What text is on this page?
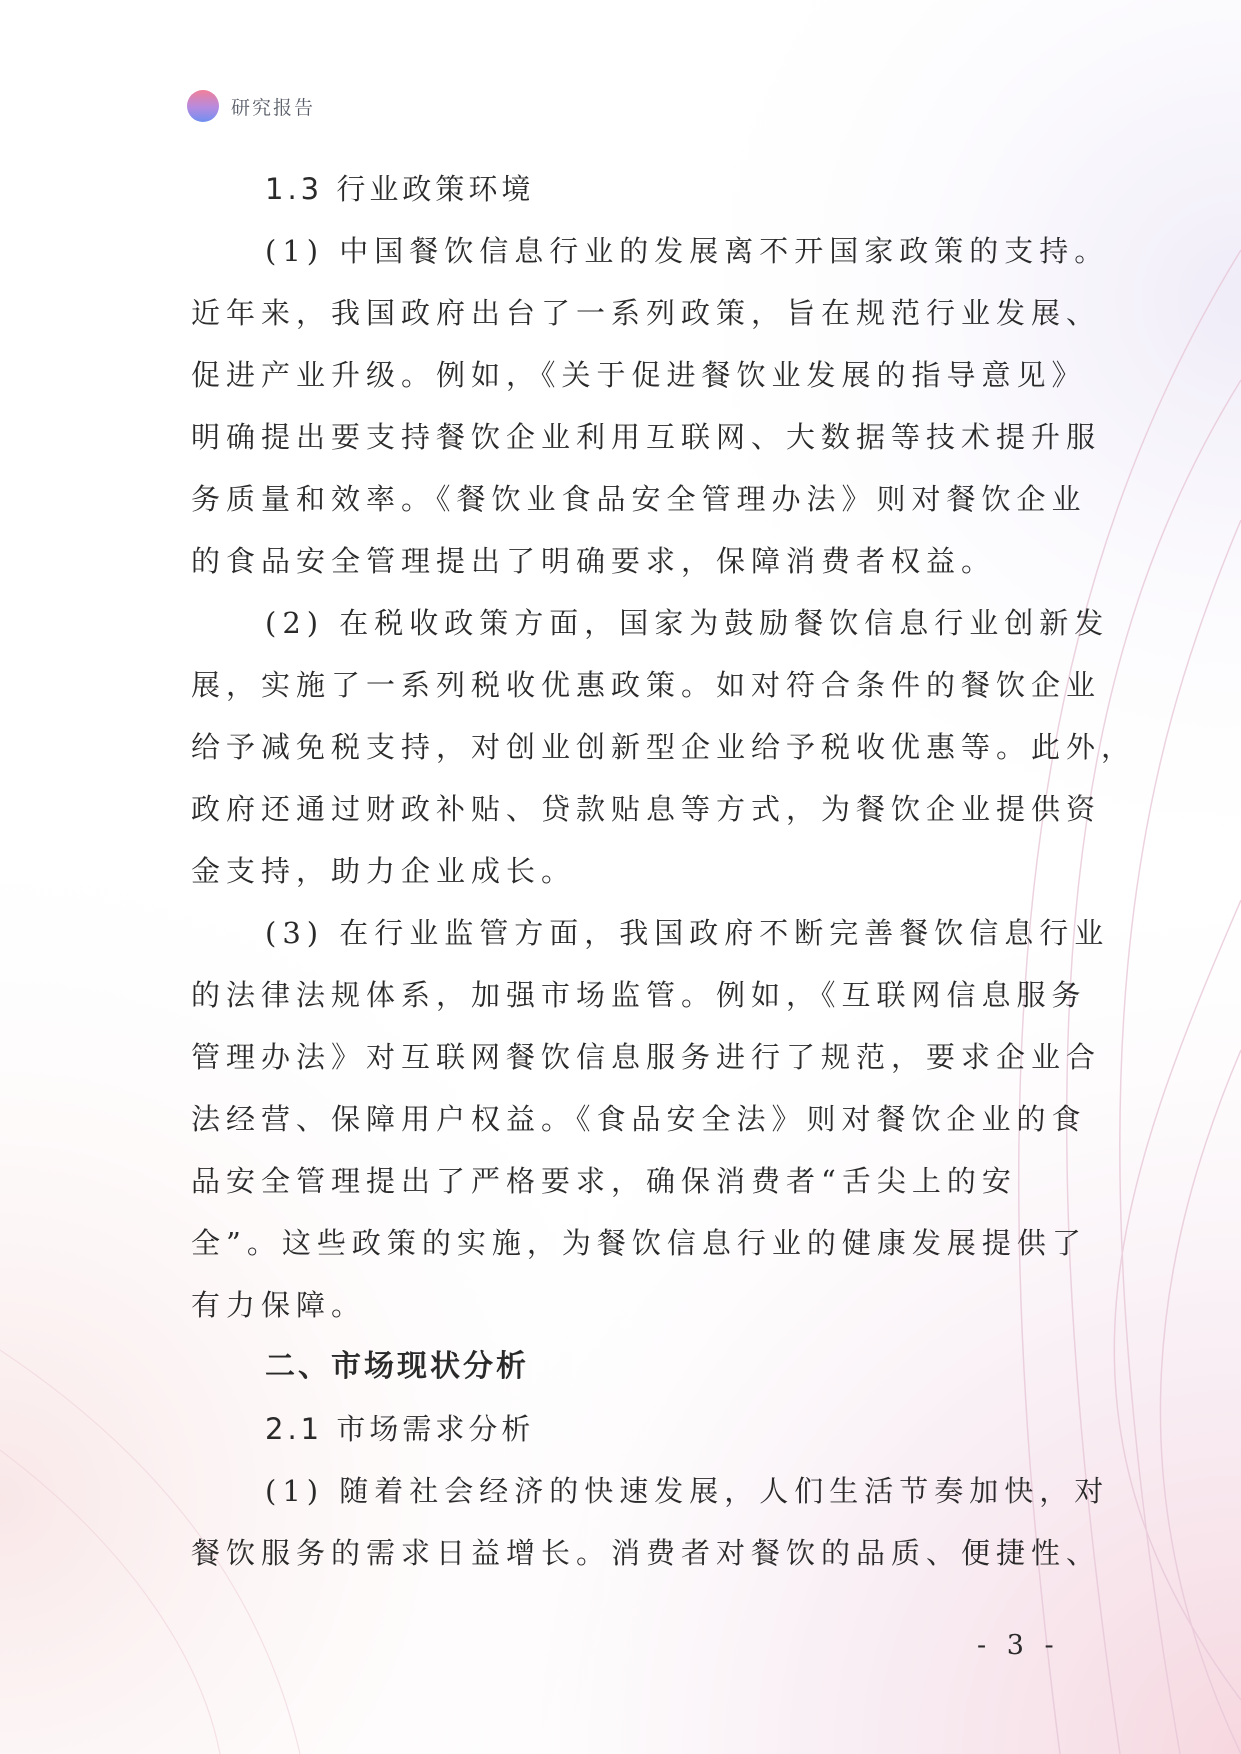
研究报告
1.3 行业政策环境
(1) 中国餐饮信息行业的发展离不开国家政策的支持。
近年来，我国政府出台了一系列政策，旨在规范行业发展、
促进产业升级。例如，《关于促进餐饮业发展的指导意见》
明确提出要支持餐饮企业利用互联网、大数据等技术提升服
务质量和效率。《餐饮业食品安全管理办法》则对餐饮企业
的食品安全管理提出了明确要求，保障消费者权益。
(2) 在税收政策方面，国家为鼓励餐饮信息行业创新发
展，实施了一系列税收优惠政策。如对符合条件的餐饮企业
给予减免税支持，对创业创新型企业给予税收优惠等。此外，
政府还通过财政补贴、贷款贴息等方式，为餐饮企业提供资
金支持，助力企业成长。
(3) 在行业监管方面，我国政府不断完善餐饮信息行业
的法律法规体系，加强市场监管。例如，《互联网信息服务
管理办法》对互联网餐饮信息服务进行了规范，要求企业合
法经营、保障用户权益。《食品安全法》则对餐饮企业的食
品安全管理提出了严格要求，确保消费者“舌尖上的安
全”。这些政策的实施，为餐饮信息行业的健康发展提供了
有力保障。
二、市场现状分析
2.1 市场需求分析
(1) 随着社会经济的快速发展，人们生活节奏加快，对
餐饮服务的需求日益增长。消费者对餐饮的品质、便捷性、
- 3 -
